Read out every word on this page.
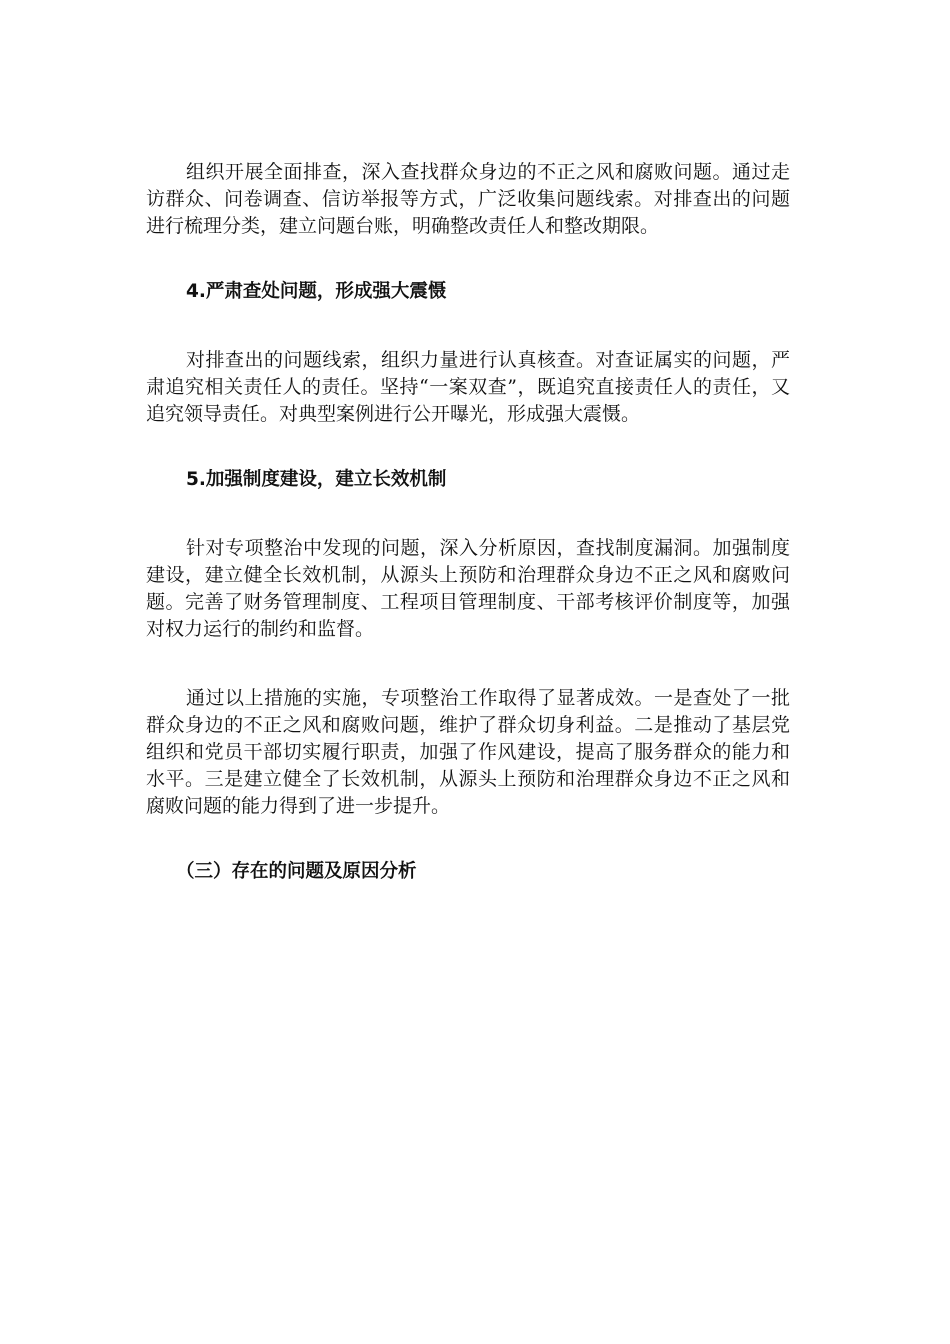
组织开展全面排查，深入查找群众身边的不正之风和腐败问题。通过走访群众、问卷调查、信访举报等方式，广泛收集问题线索。对排查出的问题进行梳理分类，建立问题台账，明确整改责任人和整改期限。

4.严肃查处问题，形成强大震慑

对排查出的问题线索，组织力量进行认真核查。对查证属实的问题，严肃追究相关责任人的责任。坚持“一案双查”，既追究直接责任人的责任，又追究领导责任。对典型案例进行公开曝光，形成强大震慑。

5.加强制度建设，建立长效机制

针对专项整治中发现的问题，深入分析原因，查找制度漏洞。加强制度建设，建立健全长效机制，从源头上预防和治理群众身边不正之风和腐败问题。完善了财务管理制度、工程项目管理制度、干部考核评价制度等，加强对权力运行的制约和监督。

通过以上措施的实施，专项整治工作取得了显著成效。一是查处了一批群众身边的不正之风和腐败问题，维护了群众切身利益。二是推动了基层党组织和党员干部切实履行职责，加强了作风建设，提高了服务群众的能力和水平。三是建立健全了长效机制，从源头上预防和治理群众身边不正之风和腐败问题的能力得到了进一步提升。

（三）存在的问题及原因分析
